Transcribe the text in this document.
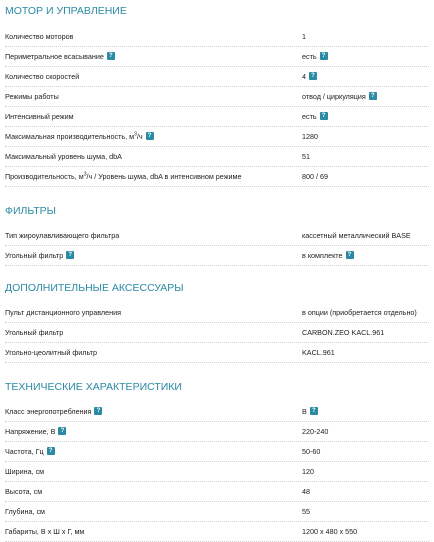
МОТОР И УПРАВЛЕНИЕ
Количество моторов	1
Периметральное всасывание ?	есть ?
Количество скоростей	4 ?
Режимы работы	отвод / циркуляция ?
Интенсивный режим	есть ?
Максимальная производительность, $м^3/ч$ ?	1280
Максимальный уровень шума, dbA	51
Производительность, $м^3/ч$ / Уровень шума, dbA в интенсивном режиме	800 / 69
ФИЛЬТРЫ
Тип жироулавливающего фильтра	кассетный металлический BASE
Угольный фильтр ?	в комплекте ?
ДОПОЛНИТЕЛЬНЫЕ АКСЕССУАРЫ
Пульт дистанционного управления	в опции (приобретается отдельно)
Угольный фильтр	CARBON.ZEO KACL.961
Угольно-цеолитный фильтр	KACL.961
ТЕХНИЧЕСКИЕ ХАРАКТЕРИСТИКИ
Класс энергопотребления ?	B ?
Напряжение, В ?	220-240
Частота, Гц ?	50-60
Ширина, см	120
Высота, см	48
Глубина, см	55
Габариты, В х Ш х Г, мм	1200 x 480 x 550
